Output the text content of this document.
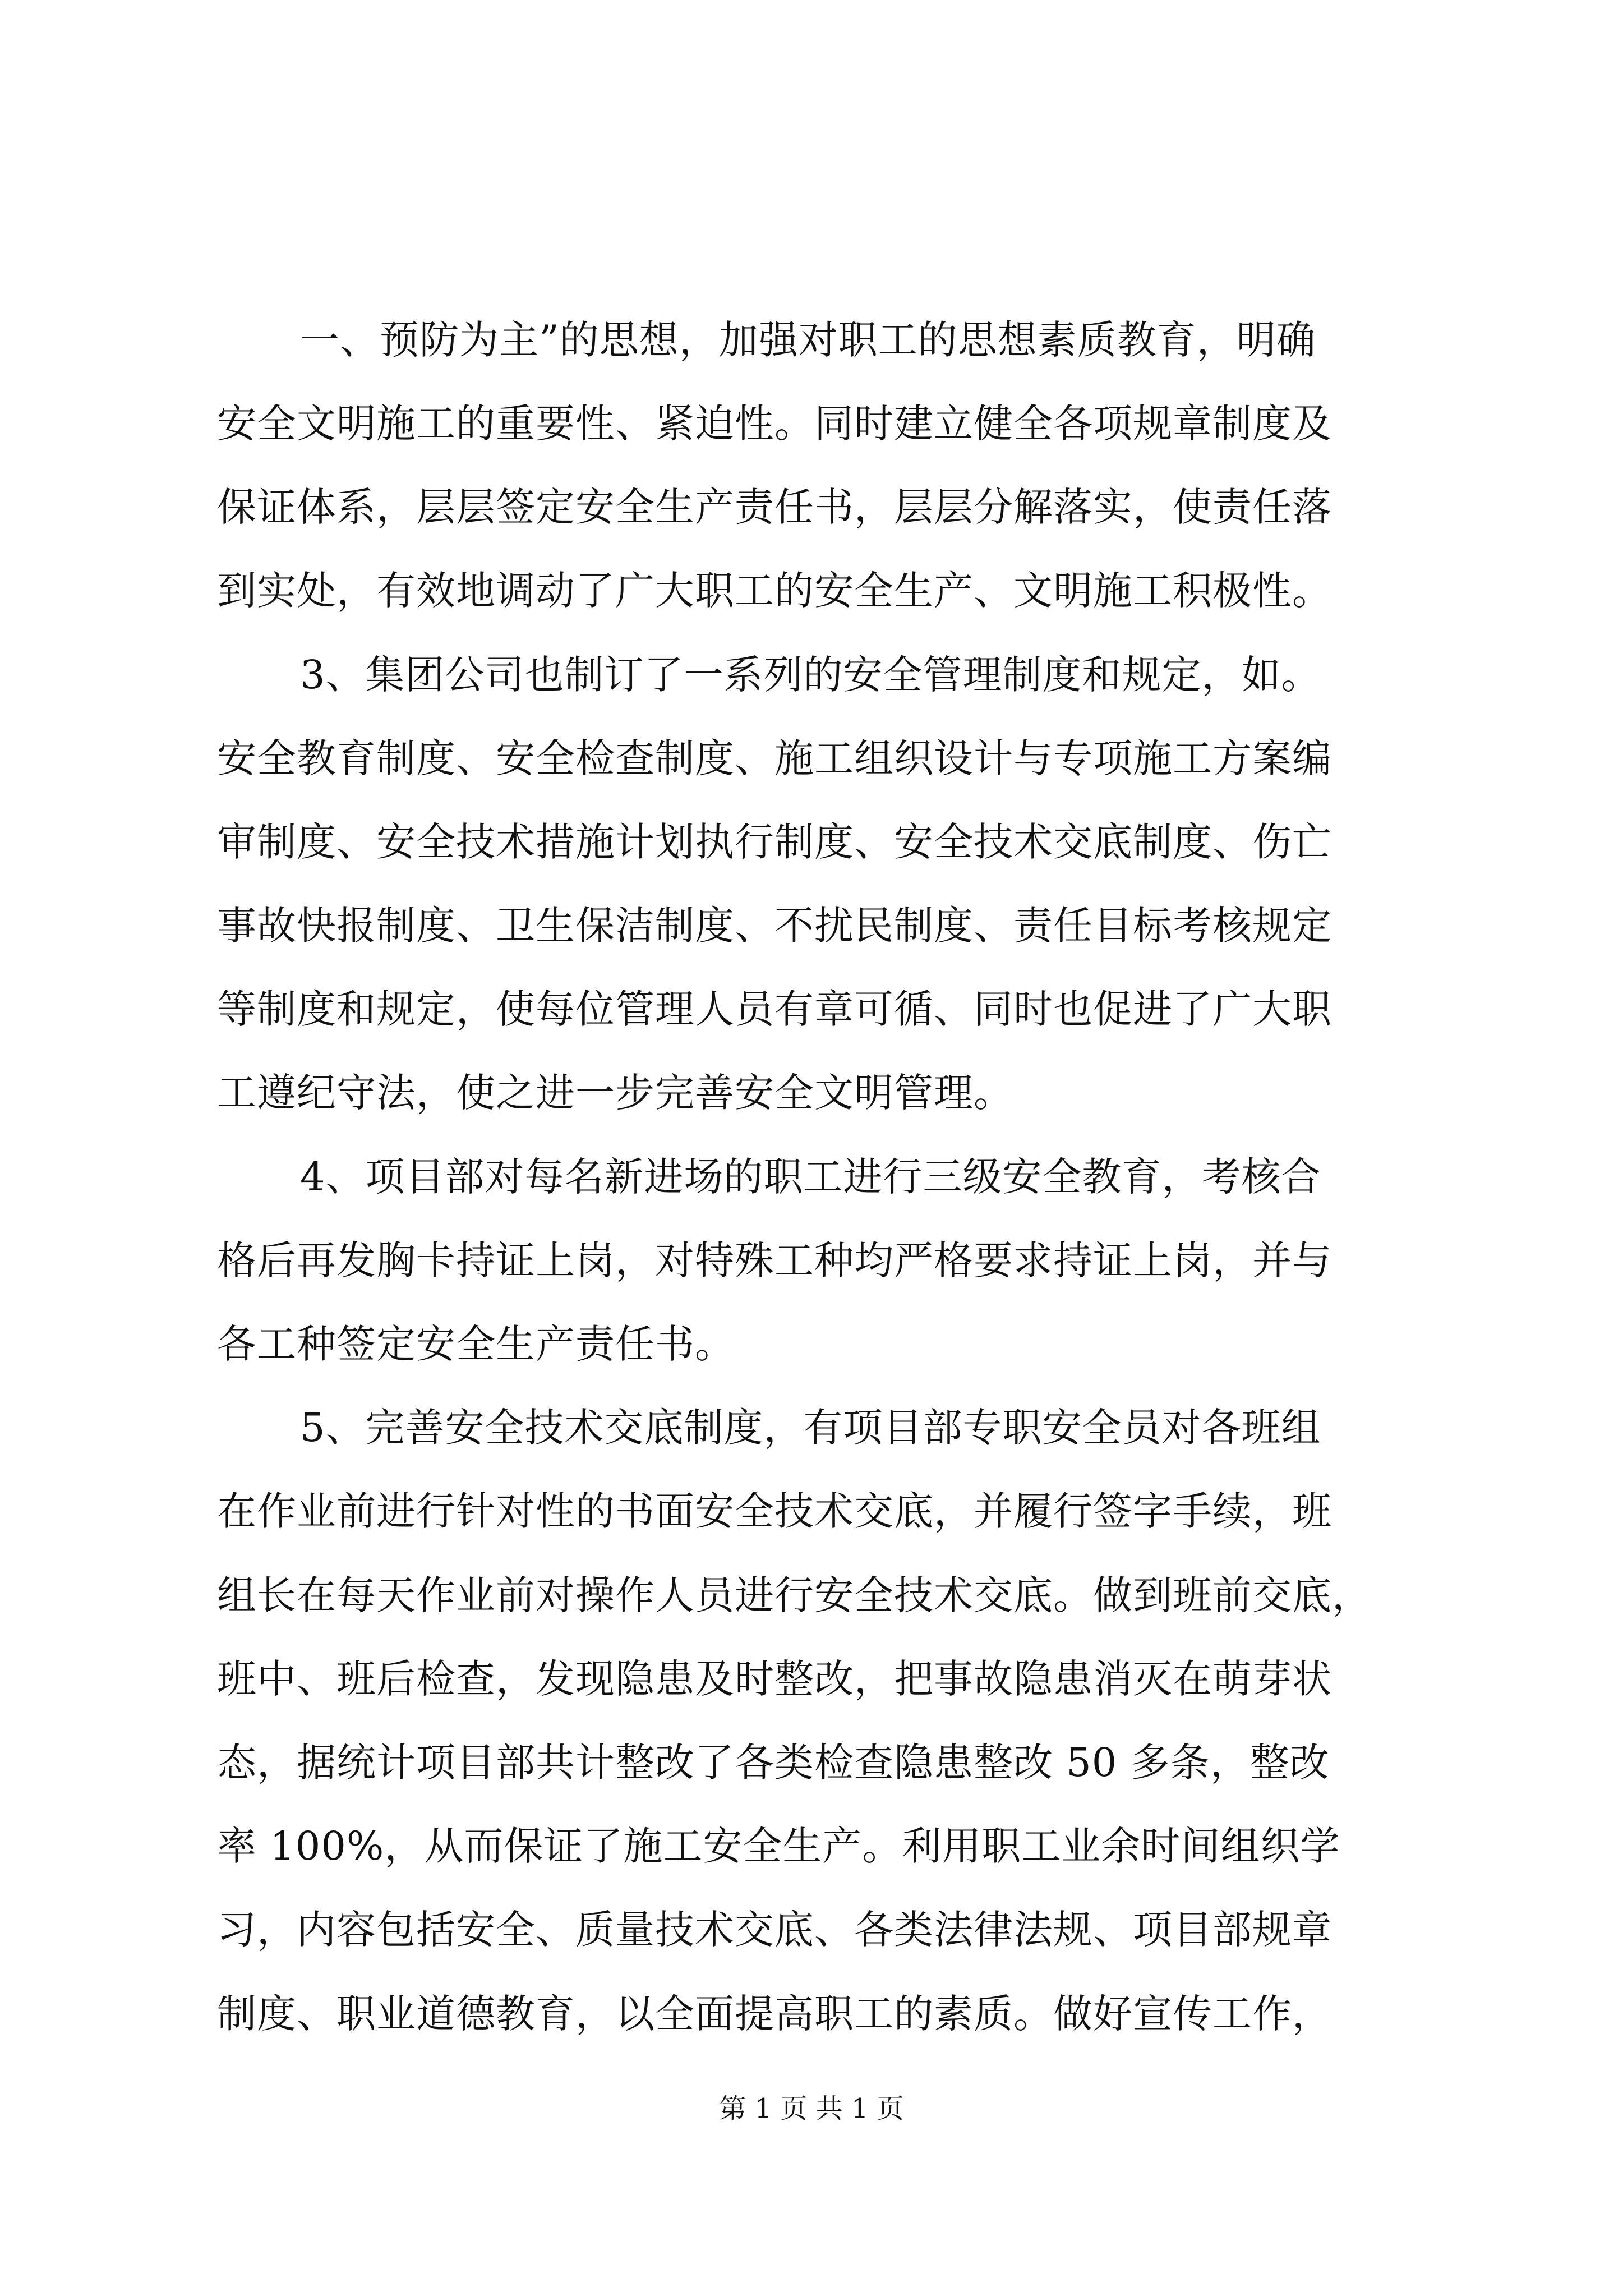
一、预防为主”的思想，加强对职工的思想素质教育，明确
安全文明施工的重要性、紧迫性。同时建立健全各项规章制度及
保证体系，层层签定安全生产责任书，层层分解落实，使责任落
到实处，有效地调动了广大职工的安全生产、文明施工积极性。
3、集团公司也制订了一系列的安全管理制度和规定，如。
安全教育制度、安全检查制度、施工组织设计与专项施工方案编
审制度、安全技术措施计划执行制度、安全技术交底制度、伤亡
事故快报制度、卫生保洁制度、不扰民制度、责任目标考核规定
等制度和规定，使每位管理人员有章可循、同时也促进了广大职
工遵纪守法，使之进一步完善安全文明管理。
4、项目部对每名新进场的职工进行三级安全教育，考核合
格后再发胸卡持证上岗，对特殊工种均严格要求持证上岗，并与
各工种签定安全生产责任书。
5、完善安全技术交底制度，有项目部专职安全员对各班组
在作业前进行针对性的书面安全技术交底，并履行签字手续，班
组长在每天作业前对操作人员进行安全技术交底。做到班前交底，
班中、班后检查，发现隐患及时整改，把事故隐患消灭在萌芽状
态，据统计项目部共计整改了各类检查隐患整改 50 多条，整改
率 100%，从而保证了施工安全生产。利用职工业余时间组织学
习，内容包括安全、质量技术交底、各类法律法规、项目部规章
制度、职业道德教育，以全面提高职工的素质。做好宣传工作，
第 1 页 共 1 页
